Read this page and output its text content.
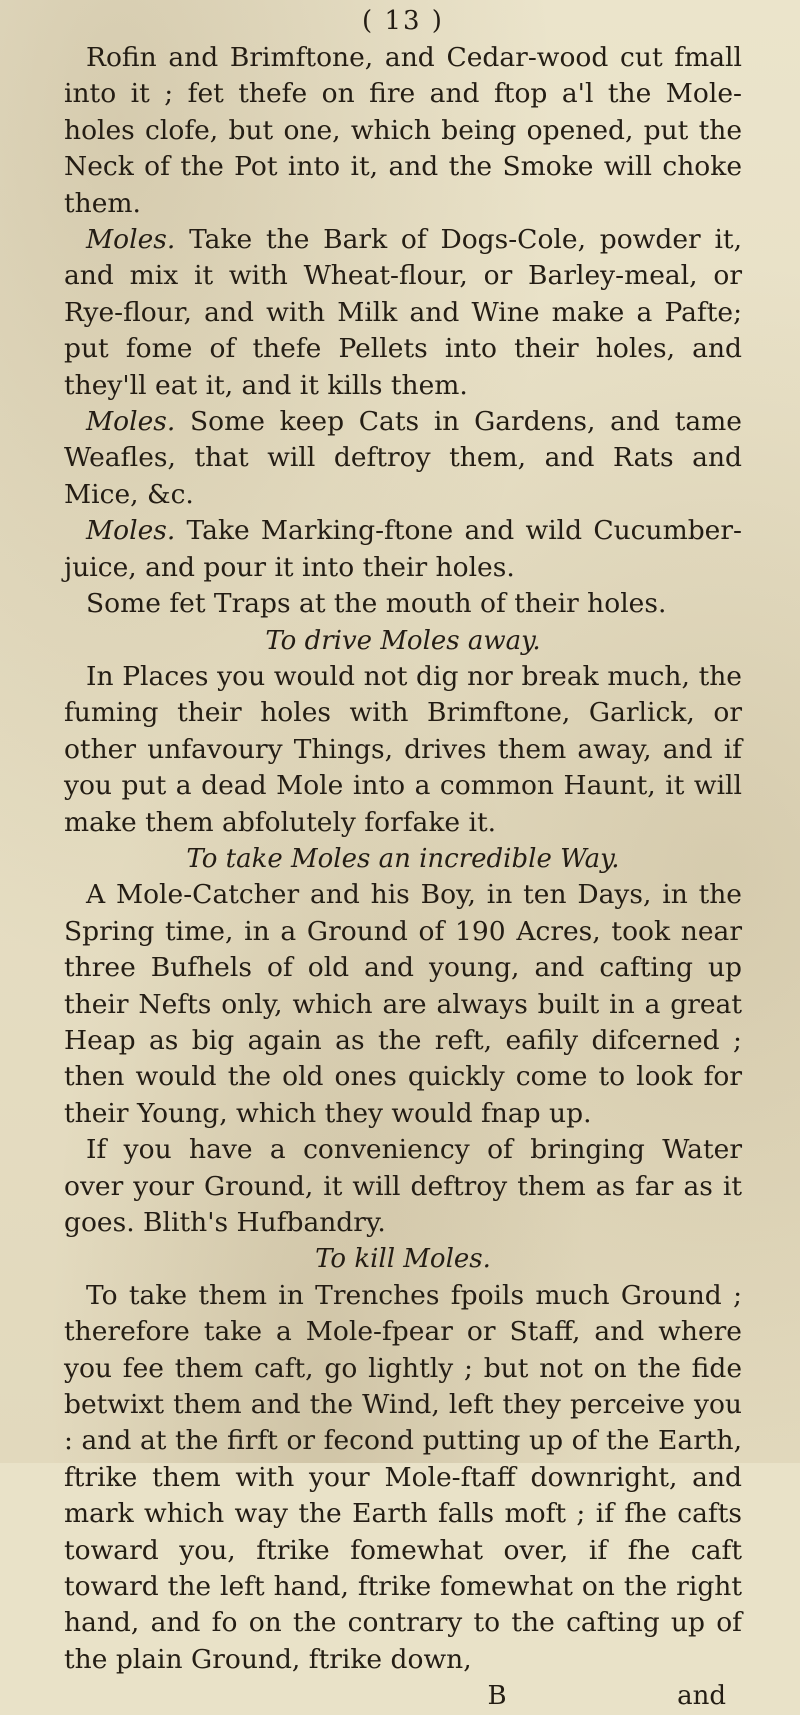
( 13 )

Rofin and Brimftone, and Cedar-wood cut fmall into it ; fet thefe on fire and ftop a'l the Mole-holes clofe, but one, which being opened, put the Neck of the Pot into it, and the Smoke will choke them.

Moles. Take the Bark of Dogs-Cole, powder it, and mix it with Wheat-flour, or Barley-meal, or Rye-flour, and with Milk and Wine make a Pafte; put fome of thefe Pellets into their holes, and they'll eat it, and it kills them.

Moles. Some keep Cats in Gardens, and tame Weafles, that will deftroy them, and Rats and Mice, &c.

Moles. Take Marking-ftone and wild Cucumber-juice, and pour it into their holes.

Some fet Traps at the mouth of their holes.

To drive Moles away.

In Places you would not dig nor break much, the fuming their holes with Brimftone, Garlick, or other unfavoury Things, drives them away, and if you put a dead Mole into a common Haunt, it will make them abfolutely forfake it.

To take Moles an incredible Way.

A Mole-Catcher and his Boy, in ten Days, in the Spring time, in a Ground of 190 Acres, took near three Bufhels of old and young, and cafting up their Nefts only, which are always built in a great Heap as big again as the reft, eafily difcerned ; then would the old ones quickly come to look for their Young, which they would fnap up.

If you have a conveniency of bringing Water over your Ground, it will deftroy them as far as it goes. Blith's Hufbandry.

To kill Moles.

To take them in Trenches fpoils much Ground ; therefore take a Mole-fpear or Staff, and where you fee them caft, go lightly ; but not on the fide betwixt them and the Wind, left they perceive you : and at the firft or fecond putting up of the Earth, ftrike them with your Mole-ftaff downright, and mark which way the Earth falls moft ; if fhe cafts toward you, ftrike fomewhat over, if fhe caft toward the left hand, ftrike fomewhat on the right hand, and fo on the contrary to the cafting up of the plain Ground, ftrike down,

B	and
